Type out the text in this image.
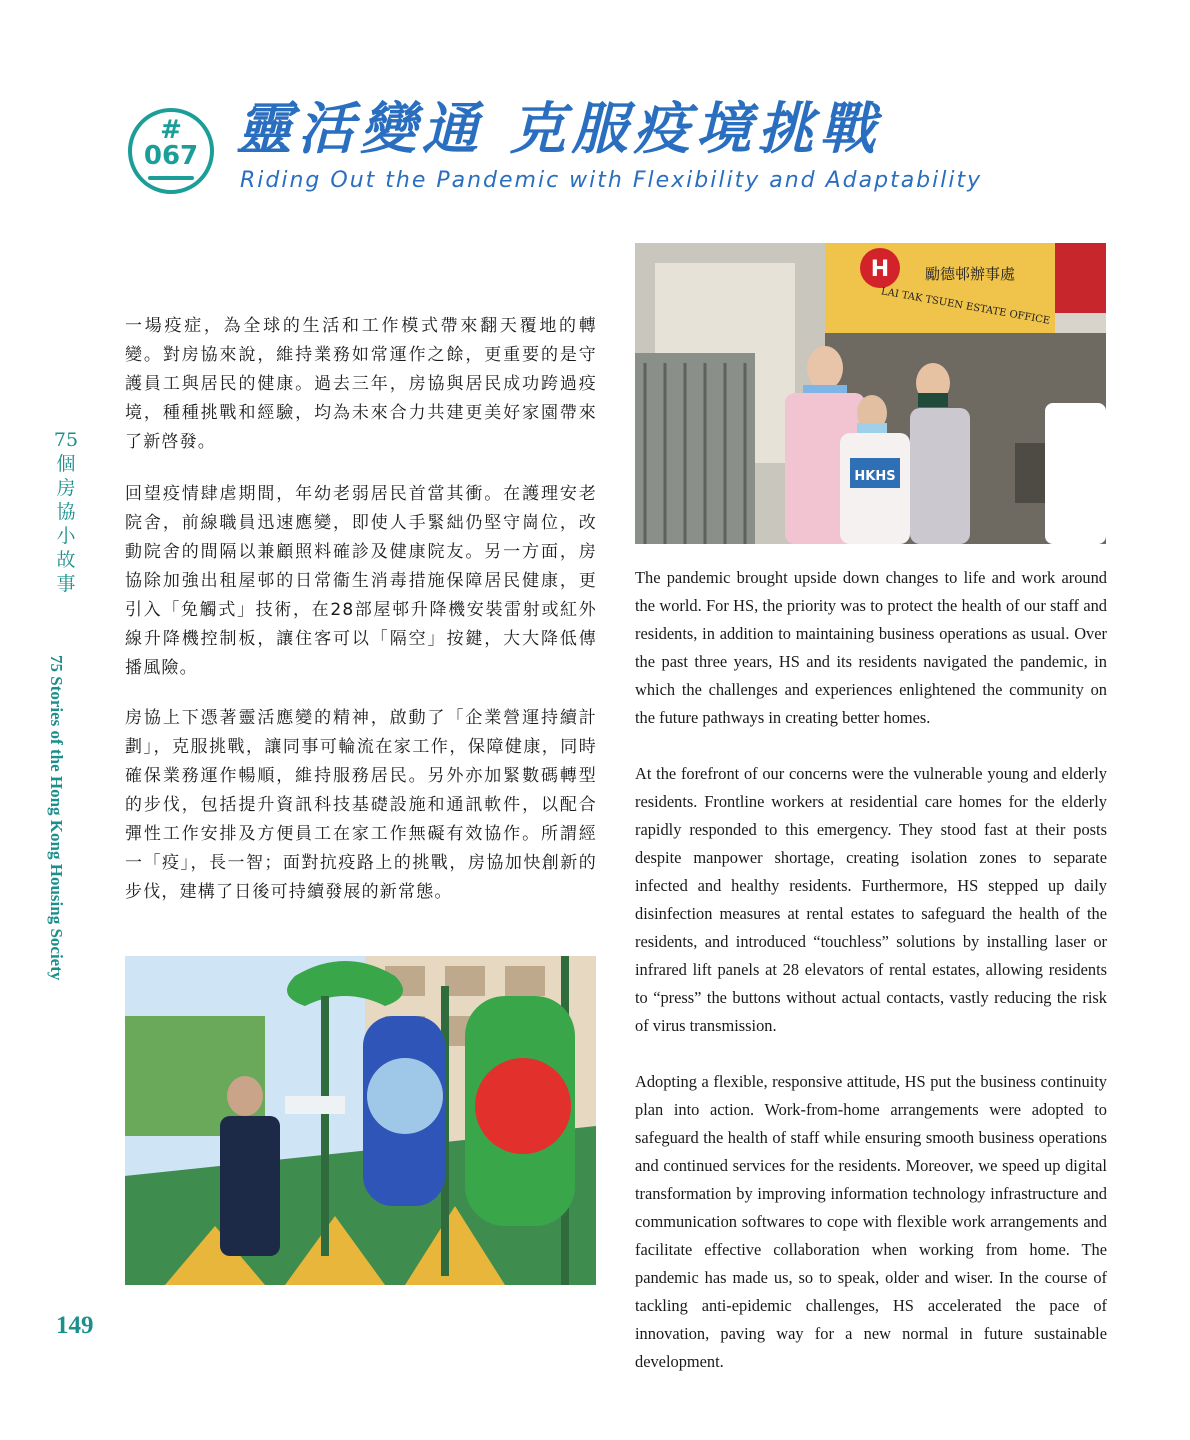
#
067 靈活變通 克服疫境挑戰
Riding Out the Pandemic with Flexibility and Adaptability
75
個
房
協
小
故
事
75 Stories of the Hong Kong Housing Society
149

一場疫症，為全球的生活和工作模式帶來翻天覆地的轉變。對房協來說，維持業務如常運作之餘，更重要的是守護員工與居民的健康。過去三年，房協與居民成功跨過疫境，種種挑戰和經驗，均為未來合力共建更美好家園帶來了新啓發。

回望疫情肆虐期間，年幼老弱居民首當其衝。在護理安老院舍，前線職員迅速應變，即使人手緊絀仍堅守崗位，改動院舍的間隔以兼顧照料確診及健康院友。另一方面，房協除加強出租屋邨的日常衞生消毒措施保障居民健康，更引入「免觸式」技術，在28部屋邨升降機安裝雷射或紅外線升降機控制板，讓住客可以「隔空」按鍵，大大降低傳播風險。

房協上下憑著靈活應變的精神，啟動了「企業營運持續計劃」，克服挑戰，讓同事可輪流在家工作，保障健康，同時確保業務運作暢順，維持服務居民。另外亦加緊數碼轉型的步伐，包括提升資訊科技基礎設施和通訊軟件，以配合彈性工作安排及方便員工在家工作無礙有效協作。所謂經一「疫」，長一智；面對抗疫路上的挑戰，房協加快創新的步伐，建構了日後可持續發展的新常態。

The pandemic brought upside down changes to life and work around the world. For HS, the priority was to protect the health of our staff and residents, in addition to maintaining business operations as usual. Over the past three years, HS and its residents navigated the pandemic, in which the challenges and experiences enlightened the community on the future pathways in creating better homes.

At the forefront of our concerns were the vulnerable young and elderly residents. Frontline workers at residential care homes for the elderly rapidly responded to this emergency. They stood fast at their posts despite manpower shortage, creating isolation zones to separate infected and healthy residents. Furthermore, HS stepped up daily disinfection measures at rental estates to safeguard the health of the residents, and introduced “touchless” solutions by installing laser or infrared lift panels at 28 elevators of rental estates, allowing residents to “press” the buttons without actual contacts, vastly reducing the risk of virus transmission.

Adopting a flexible, responsive attitude, HS put the business continuity plan into action. Work-from-home arrangements were adopted to safeguard the health of staff while ensuring smooth business operations and continued services for the residents. Moreover, we speed up digital transformation by improving information technology infrastructure and communication softwares to cope with flexible work arrangements and facilitate effective collaboration when working from home. The pandemic has made us, so to speak, older and wiser. In the course of tackling anti-epidemic challenges, HS accelerated the pace of innovation, paving way for a new normal in future sustainable development.

H 勵德邨辦事處
LAI TAK TSUEN ESTATE OFFICE
HKHS
